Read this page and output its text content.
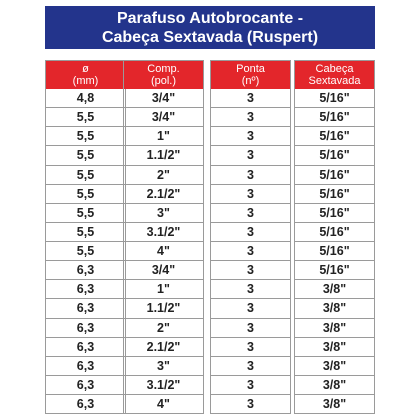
Parafuso Autobrocante -
Cabeça Sextavada (Ruspert)
ø
(mm)
4,8
5,5
5,5
5,5
5,5
5,5
5,5
5,5
5,5
6,3
6,3
6,3
6,3
6,3
6,3
6,3
6,3
Comp.
(pol.)
3/4"
3/4"
1"
1.1/2"
2"
2.1/2"
3"
3.1/2"
4"
3/4"
1"
1.1/2"
2"
2.1/2"
3"
3.1/2"
4"
Ponta
(nº)
3
3
3
3
3
3
3
3
3
3
3
3
3
3
3
3
3
Cabeça
Sextavada
5/16"
5/16"
5/16"
5/16"
5/16"
5/16"
5/16"
5/16"
5/16"
5/16"
3/8"
3/8"
3/8"
3/8"
3/8"
3/8"
3/8"
